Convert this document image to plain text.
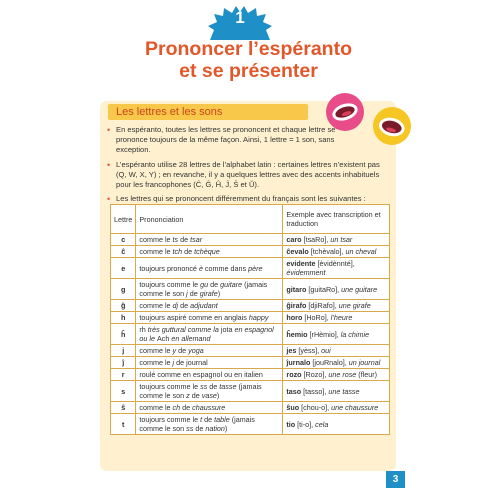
1
Prononcer l’espéranto
et se présenter
Les lettres et les sons
• En espéranto, toutes les lettres se prononcent et chaque lettre se prononce toujours de la même façon. Ainsi, 1 lettre = 1 son, sans exception.
• L’espéranto utilise 28 lettres de l’alphabet latin : certaines lettres n’existent pas (Q, W, X, Y) ; en revanche, il y a quelques lettres avec des accents inhabituels pour les francophones (Ĉ, Ĝ, Ĥ, Ĵ, Ŝ et Ŭ).
• Les lettres qui se prononcent différemment du français sont les suivantes :
Lettre	Prononciation	Exemple avec transcription et traduction
c	comme le ts de tsar	caro [tsaRo], un tsar
ĉ	comme le tch de tchèque	ĉevalo [tchèvalo], un cheval
e	toujours prononcé è comme dans père	evidente [èvidènnté], évidemment
g	toujours comme le gu de guitare (jamais comme le son j de girafe)	gitaro [guitaRo], une guitare
ĝ	comme le dj de adjudant	ĝirafo [djiRafo], une girafe
h	toujours aspiré comme en anglais happy	horo [HoRo], l’heure
ĥ	rh très guttural comme la jota en espagnol ou le Ach en allemand	ĥemio [rHèmio], la chimie
j	comme le y de yoga	jes [yèss], oui
ĵ	comme le j de journal	ĵurnalo [jouRnalo], un journal
r	roulé comme en espagnol ou en italien	rozo [Rozo], une rose (fleur)
s	toujours comme le ss de tasse (jamais comme le son z de vase)	taso [tasso], une tasse
ŝ	comme le ch de chaussure	ŝuo [chou-o], une chaussure
t	toujours comme le t de table (jamais comme le son ss de nation)	tio [ti-o], cela
3
